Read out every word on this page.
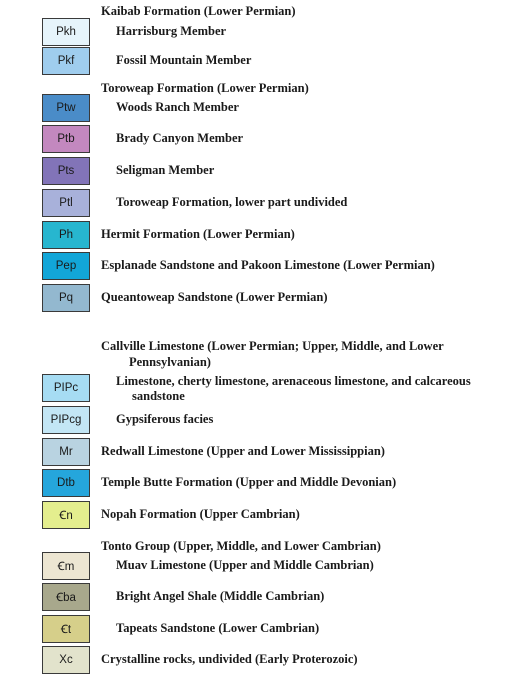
Kaibab Formation (Lower Permian)
Pkh	Harrisburg Member
Pkf	Fossil Mountain Member
Toroweap Formation (Lower Permian)
Ptw	Woods Ranch Member
Ptb	Brady Canyon Member
Pts	Seligman Member
Ptl	Toroweap Formation, lower part undivided
Ph	Hermit Formation (Lower Permian)
Pep	Esplanade Sandstone and Pakoon Limestone (Lower Permian)
Pq	Queantoweap Sandstone (Lower Permian)
Callville Limestone (Lower Permian; Upper, Middle, and Lower
Pennsylvanian)
PIPc	Limestone, cherty limestone, arenaceous limestone, and calcareous
sandstone
PIPcg	Gypsiferous facies
Mr	Redwall Limestone (Upper and Lower Mississippian)
Dtb	Temple Butte Formation (Upper and Middle Devonian)
Ꞓn	Nopah Formation (Upper Cambrian)
Tonto Group (Upper, Middle, and Lower Cambrian)
Ꞓm	Muav Limestone (Upper and Middle Cambrian)
Ꞓba	Bright Angel Shale (Middle Cambrian)
Ꞓt	Tapeats Sandstone (Lower Cambrian)
Xc	Crystalline rocks, undivided (Early Proterozoic)
